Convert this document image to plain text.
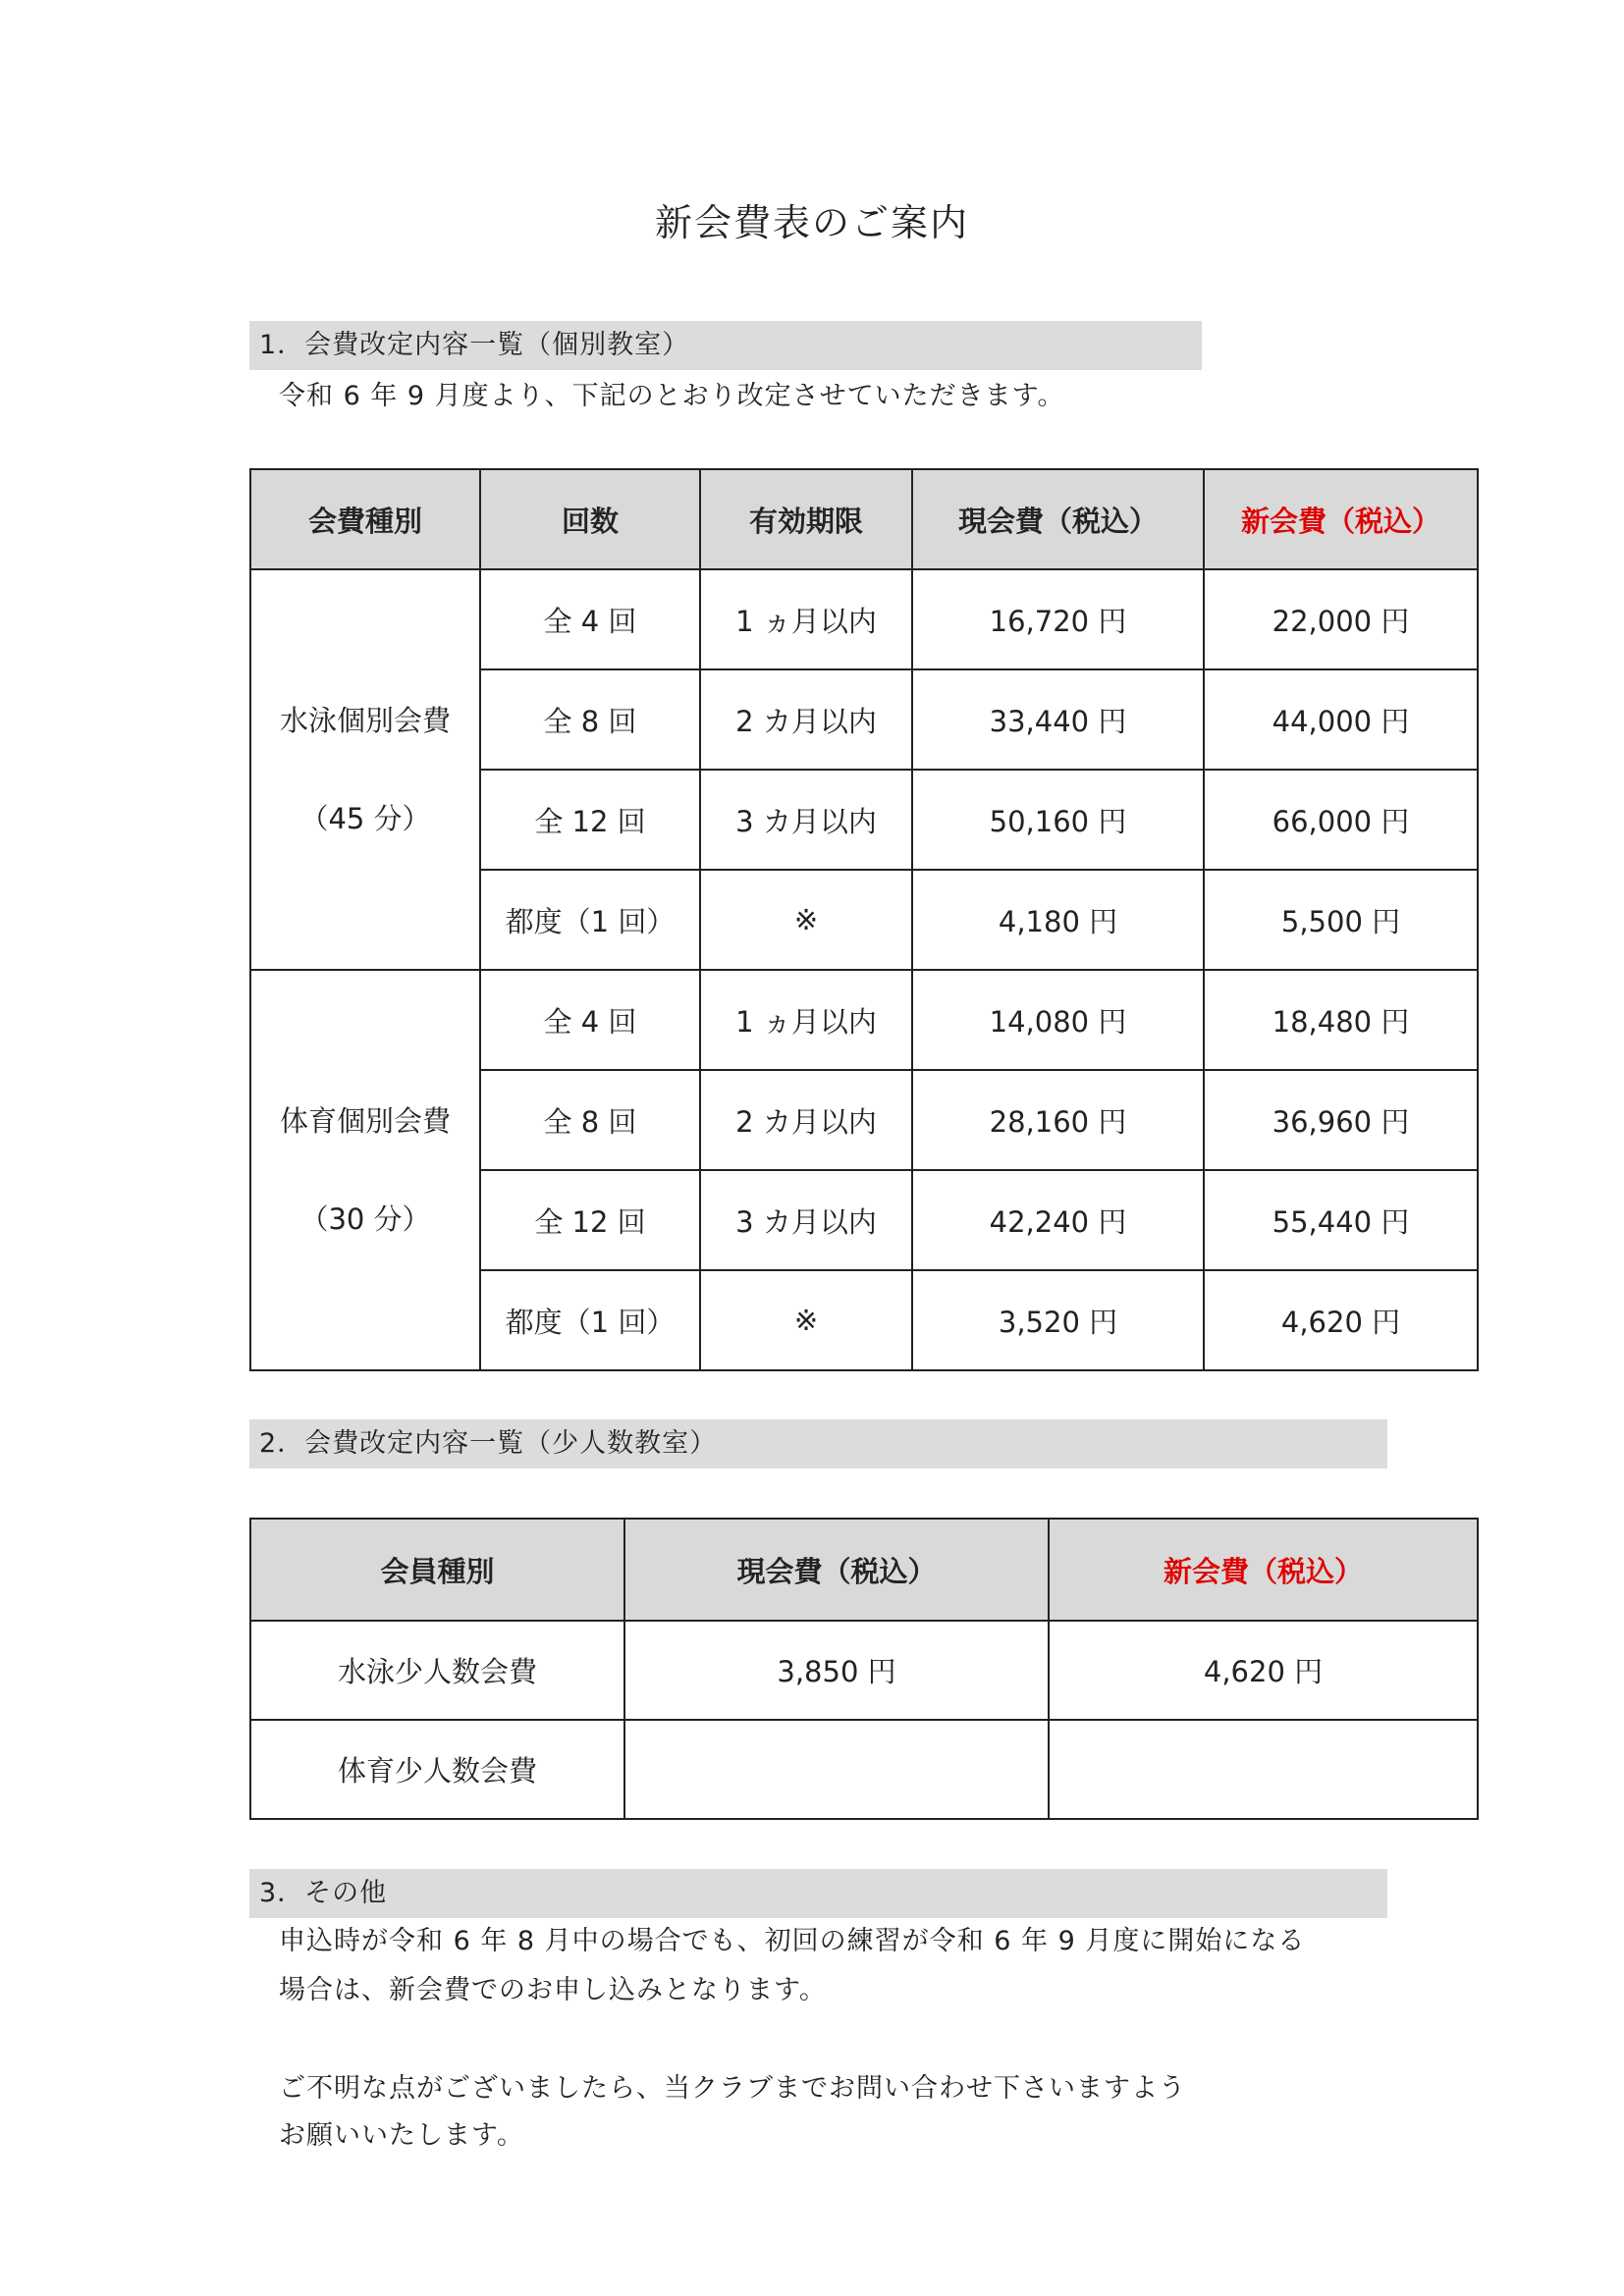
新会費表のご案内
1．会費改定内容一覧（個別教室）
令和 6 年 9 月度より、下記のとおり改定させていただきます。
会費種別	回数	有効期限	現会費（税込）	新会費（税込）

水泳個別会費
（45 分）	全 4 回	1 ヵ月以内	16,720 円	22,000 円
	全 8 回	2 カ月以内	33,440 円	44,000 円
	全 12 回	3 カ月以内	50,160 円	66,000 円
	都度（1 回）	※	4,180 円	5,500 円

体育個別会費
（30 分）	全 4 回	1 ヵ月以内	14,080 円	18,480 円
	全 8 回	2 カ月以内	28,160 円	36,960 円
	全 12 回	3 カ月以内	42,240 円	55,440 円
	都度（1 回）	※	3,520 円	4,620 円
2．会費改定内容一覧（少人数教室）
会員種別	現会費（税込）	新会費（税込）
水泳少人数会費	3,850 円	4,620 円
体育少人数会費		
3．その他
申込時が令和 6 年 8 月中の場合でも、初回の練習が令和 6 年 9 月度に開始になる
場合は、新会費でのお申し込みとなります。
ご不明な点がございましたら、当クラブまでお問い合わせ下さいますよう
お願いいたします。
